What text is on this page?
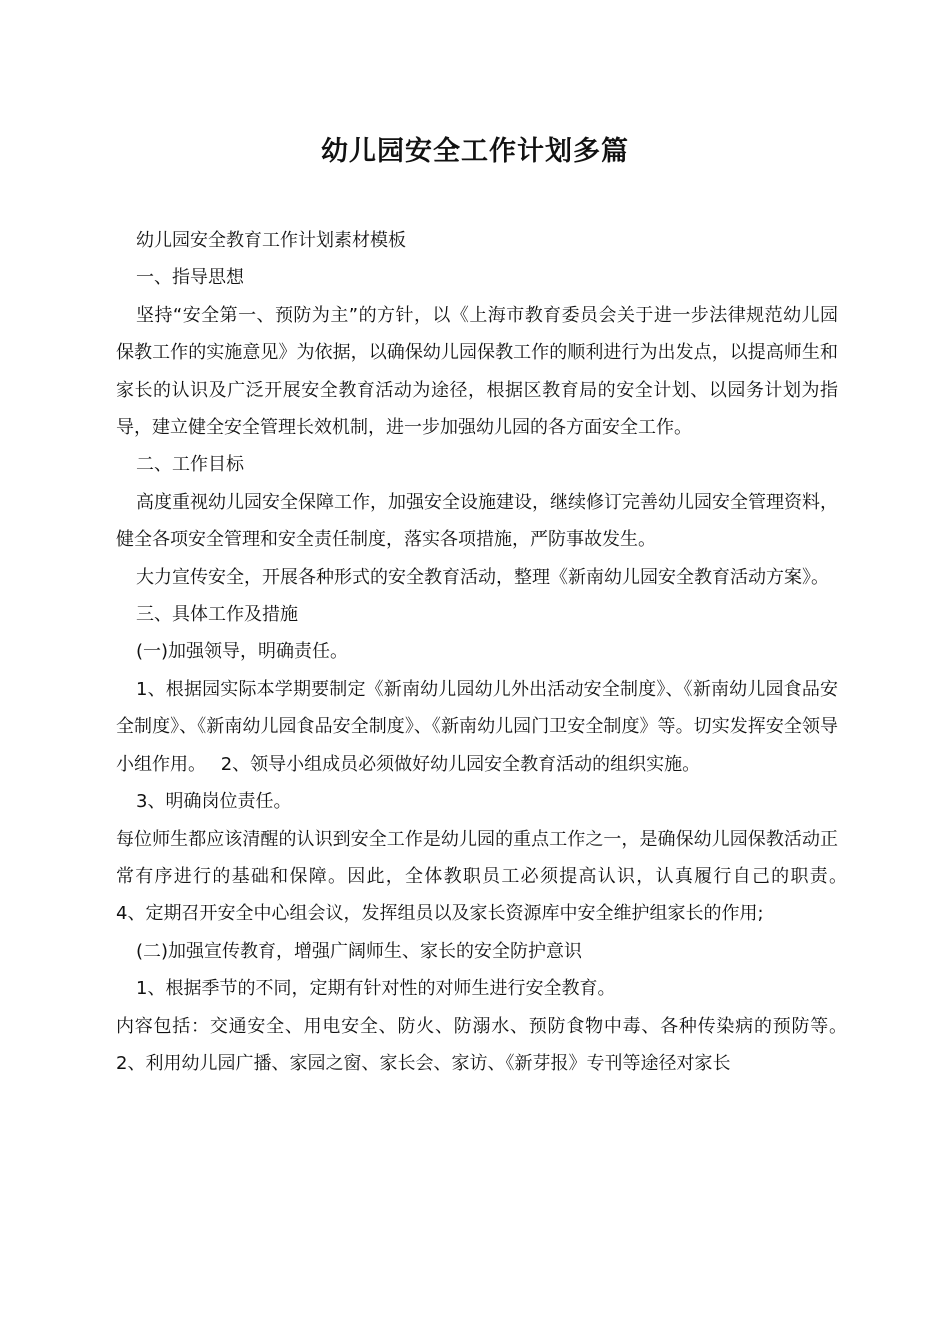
幼儿园安全工作计划多篇

幼儿园安全教育工作计划素材模板

一、指导思想

坚持“安全第一、预防为主”的方针，以《上海市教育委员会关于进一步法律规范幼儿园保教工作的实施意见》为依据，以确保幼儿园保教工作的顺利进行为出发点，以提高师生和家长的认识及广泛开展安全教育活动为途径，根据区教育局的安全计划、以园务计划为指导，建立健全安全管理长效机制，进一步加强幼儿园的各方面安全工作。

二、工作目标

高度重视幼儿园安全保障工作，加强安全设施建设，继续修订完善幼儿园安全管理资料，健全各项安全管理和安全责任制度，落实各项措施，严防事故发生。

大力宣传安全，开展各种形式的安全教育活动，整理《新南幼儿园安全教育活动方案》。

三、具体工作及措施

(一)加强领导，明确责任。

1、根据园实际本学期要制定《新南幼儿园幼儿外出活动安全制度》、《新南幼儿园食品安全制度》、《新南幼儿园食品安全制度》、《新南幼儿园门卫安全制度》等。切实发挥安全领导小组作用。　 2、领导小组成员必须做好幼儿园安全教育活动的组织实施。

3、明确岗位责任。

每位师生都应该清醒的认识到安全工作是幼儿园的重点工作之一，是确保幼儿园保教活动正常有序进行的基础和保障。因此，全体教职员工必须提高认识，认真履行自己的职责。　 4、定期召开安全中心组会议，发挥组员以及家长资源库中安全维护组家长的作用;

(二)加强宣传教育，增强广阔师生、家长的安全防护意识

1、根据季节的不同，定期有针对性的对师生进行安全教育。

内容包括：交通安全、用电安全、防火、防溺水、预防食物中毒、各种传染病的预防等。　 2、利用幼儿园广播、家园之窗、家长会、家访、《新芽报》专刊等途径对家长
